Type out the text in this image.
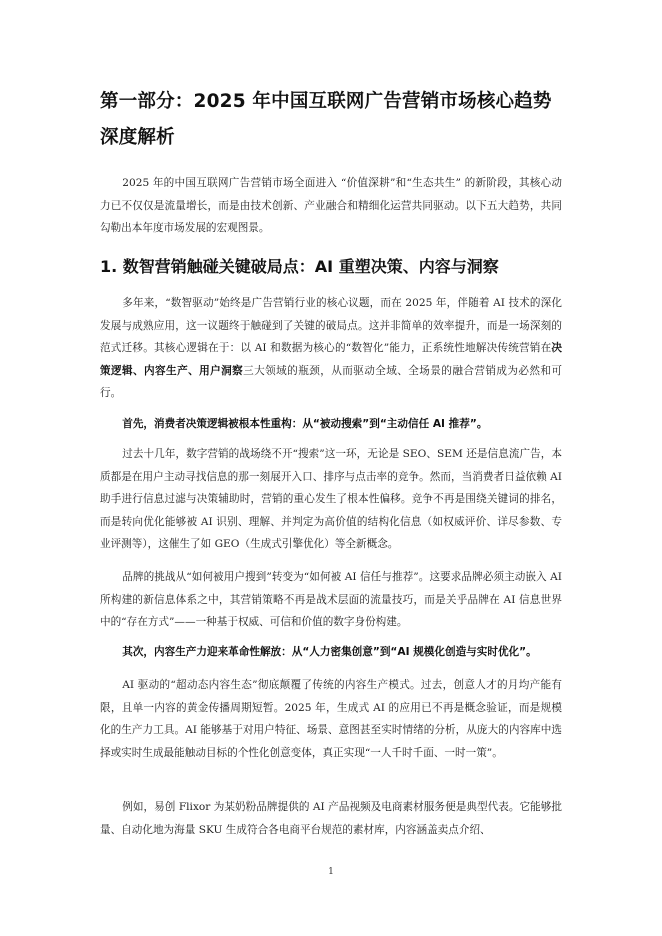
第一部分：2025 年中国互联网广告营销市场核心趋势深度解析

2025 年的中国互联网广告营销市场全面进入 “价值深耕”和“生态共生” 的新阶段，其核心动力已不仅仅是流量增长，而是由技术创新、产业融合和精细化运营共同驱动。以下五大趋势，共同勾勒出本年度市场发展的宏观图景。

1. 数智营销触碰关键破局点：AI 重塑决策、内容与洞察

多年来，“数智驱动”始终是广告营销行业的核心议题，而在 2025 年，伴随着 AI 技术的深化发展与成熟应用，这一议题终于触碰到了关键的破局点。这并非简单的效率提升，而是一场深刻的范式迁移。其核心逻辑在于：以 AI 和数据为核心的“数智化”能力，正系统性地解决传统营销在决策逻辑、内容生产、用户洞察三大领域的瓶颈，从而驱动全域、全场景的融合营销成为必然和可行。

首先，消费者决策逻辑被根本性重构：从“被动搜索”到“主动信任 AI 推荐”。

过去十几年，数字营销的战场绕不开“搜索”这一环，无论是 SEO、SEM 还是信息流广告，本质都是在用户主动寻找信息的那一刻展开入口、排序与点击率的竞争。然而，当消费者日益依赖 AI 助手进行信息过滤与决策辅助时，营销的重心发生了根本性偏移。竞争不再是围绕关键词的排名，而是转向优化能够被 AI 识别、理解、并判定为高价值的结构化信息（如权威评价、详尽参数、专业评测等），这催生了如 GEO（生成式引擎优化）等全新概念。

品牌的挑战从“如何被用户搜到”转变为“如何被 AI 信任与推荐”。这要求品牌必须主动嵌入 AI 所构建的新信息体系之中，其营销策略不再是战术层面的流量技巧，而是关乎品牌在 AI 信息世界中的“存在方式”——一种基于权威、可信和价值的数字身份构建。

其次，内容生产力迎来革命性解放：从“人力密集创意”到“AI 规模化创造与实时优化”。

AI 驱动的“超动态内容生态”彻底颠覆了传统的内容生产模式。过去，创意人才的月均产能有限，且单一内容的黄金传播周期短暂。2025 年，生成式 AI 的应用已不再是概念验证，而是规模化的生产力工具。AI 能够基于对用户特征、场景、意图甚至实时情绪的分析，从庞大的内容库中选择或实时生成最能触动目标的个性化创意变体，真正实现“一人千时千面、一时一策”。

例如，易创 Flixor 为某奶粉品牌提供的 AI 产品视频及电商素材服务便是典型代表。它能够批量、自动化地为海量 SKU 生成符合各电商平台规范的素材库，内容涵盖卖点介绍、

1
